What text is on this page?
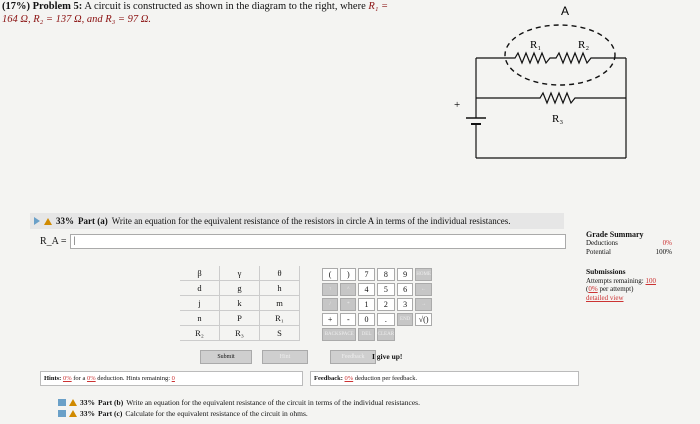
(17%) Problem 5: A circuit is constructed as shown in the diagram to the right, where R₁ =
164 Ω, R₂ = 137 Ω, and R₃ = 97 Ω.
A
R₁	R₂
R₃
+
33% Part (a) Write an equation for the equivalent resistance of the resistors in circle A in terms of the individual resistances.
R_A = |
Grade Summary
Deductions	0%
Potential	100%
Submissions
Attempts remaining: 100
(0% per attempt)
detailed view
β	γ	θ
d	g	h
j	k	m
n	P	R₁
R₂	R₃	S
(	)	7	8	9	HOME
↑	^	4	5	6	←
/	*	1	2	3	→
+	-	0	.	END	√()
BACKSPACE	DEL	CLEAR
Submit	Hint	Feedback	I give up!
Hints:
0%
for a
0%
deduction. Hints remaining:
0	Feedback:
0%
deduction per feedback.
33% Part (b) Write an equation for the equivalent resistance of the circuit in terms of the individual resistances.
33% Part (c) Calculate for the equivalent resistance of the circuit in ohms.
